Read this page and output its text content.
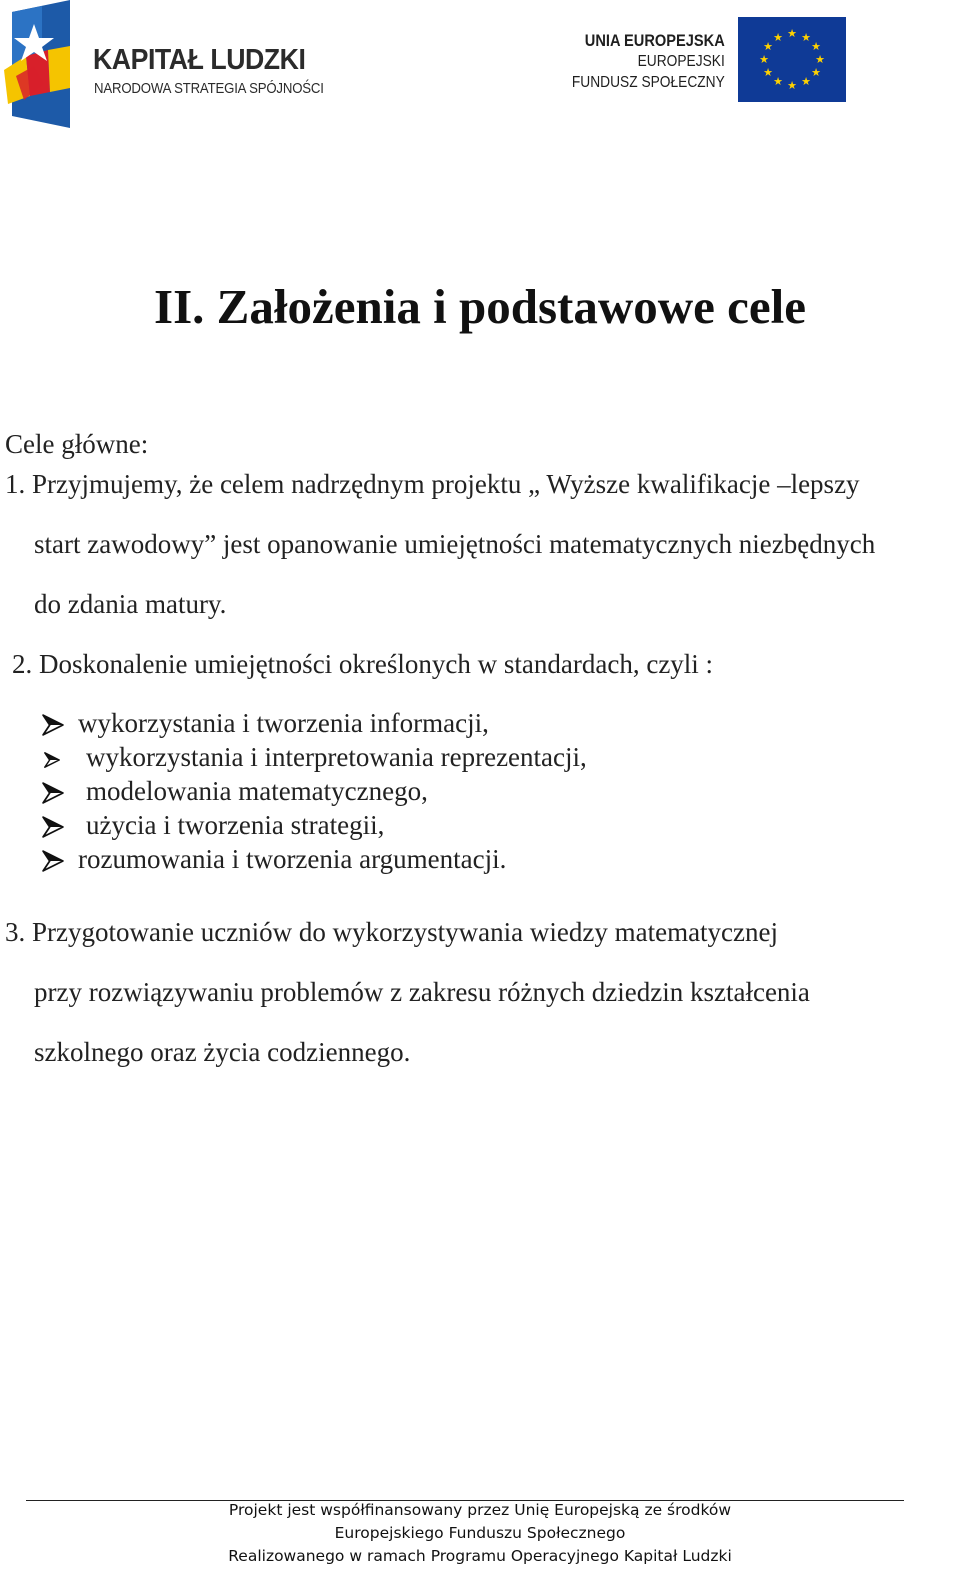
KAPITAŁ LUDZKI
NARODOWA STRATEGIA SPÓJNOŚCI
UNIA EUROPEJSKA
EUROPEJSKI
FUNDUSZ SPOŁECZNY
★ ★
★
★
★
★
★
★
★
★
★
★
II. Założenia i podstawowe cele

Cele główne:

1. Przyjmujemy, że celem nadrzędnym projektu „ Wyższe kwalifikacje –lepszy

start zawodowy” jest opanowanie umiejętności matematycznych niezbędnych

do zdania matury.

2. Doskonalenie umiejętności określonych w standardach, czyli :

wykorzystania i tworzenia informacji,
wykorzystania i interpretowania reprezentacji,
modelowania matematycznego,
użycia i tworzenia strategii,
rozumowania i tworzenia argumentacji.

3. Przygotowanie uczniów do wykorzystywania wiedzy matematycznej

przy rozwiązywaniu problemów z zakresu różnych dziedzin kształcenia

szkolnego oraz życia codziennego.

Projekt jest współfinansowany przez Unię Europejską ze środków
Europejskiego Funduszu Społecznego
Realizowanego w ramach Programu Operacyjnego Kapitał Ludzki
